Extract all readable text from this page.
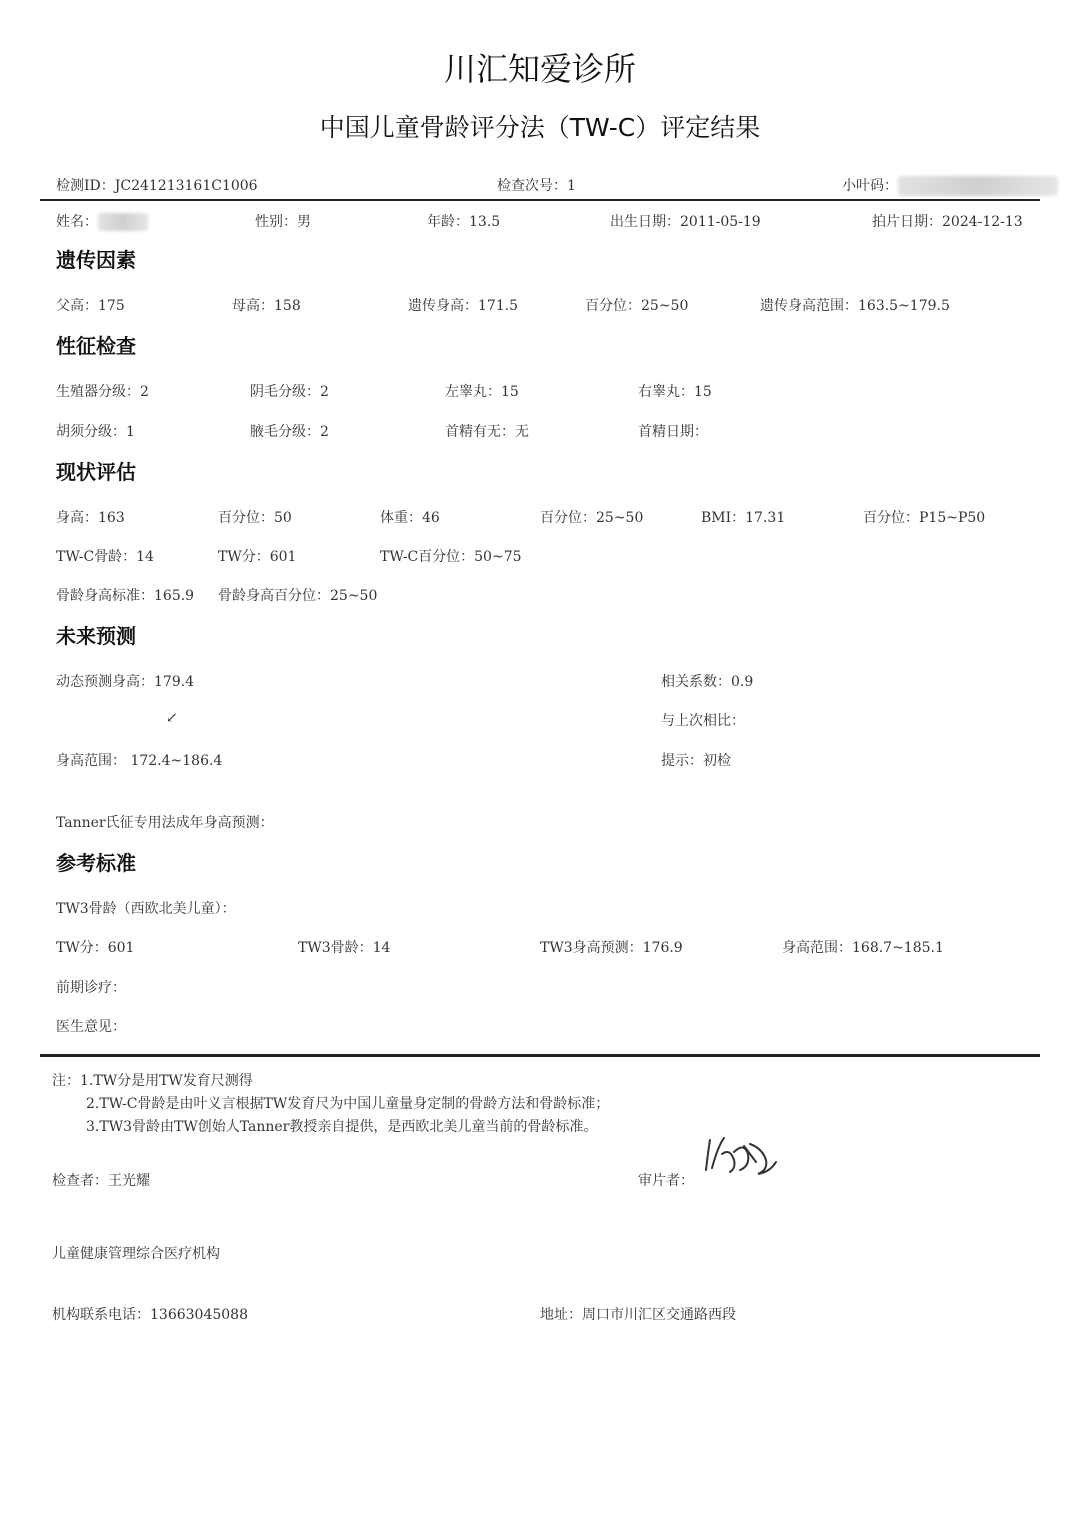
川汇知爱诊所
中国儿童骨龄评分法（TW-C）评定结果
检测ID：JC241213161C1006	检查次号：1	小叶码：
姓名：	性别：男	年龄：13.5	出生日期：2011-05-19	拍片日期：2024-12-13
遗传因素
父高：175	母高：158	遗传身高：171.5	百分位：25~50	遗传身高范围：163.5~179.5
性征检查
生殖器分级：2	阴毛分级：2	左睾丸：15	右睾丸：15
胡须分级：1	腋毛分级：2	首精有无：无	首精日期：
现状评估
身高：163	百分位：50	体重：46	百分位：25~50	BMI：17.31	百分位：P15~P50
TW-C骨龄：14	TW分：601	TW-C百分位：50~75
骨龄身高标准：165.9 骨龄身高百分位：25~50
未来预测
动态预测身高：179.4	相关系数：0.9
↙	与上次相比：
身高范围： 172.4~186.4	提示：初检
Tanner氏征专用法成年身高预测：
参考标准
TW3骨龄（西欧北美儿童）：
TW分：601	TW3骨龄：14	TW3身高预测：176.9	身高范围：168.7~185.1
前期诊疗：
医生意见：
注：1.TW分是用TW发育尺测得
2.TW-C骨龄是由叶义言根据TW发育尺为中国儿童量身定制的骨龄方法和骨龄标准；
3.TW3骨龄由TW创始人Tanner教授亲自提供，是西欧北美儿童当前的骨龄标准。
检查者：王光耀	审片者：
儿童健康管理综合医疗机构
机构联系电话：13663045088	地址：周口市川汇区交通路西段
